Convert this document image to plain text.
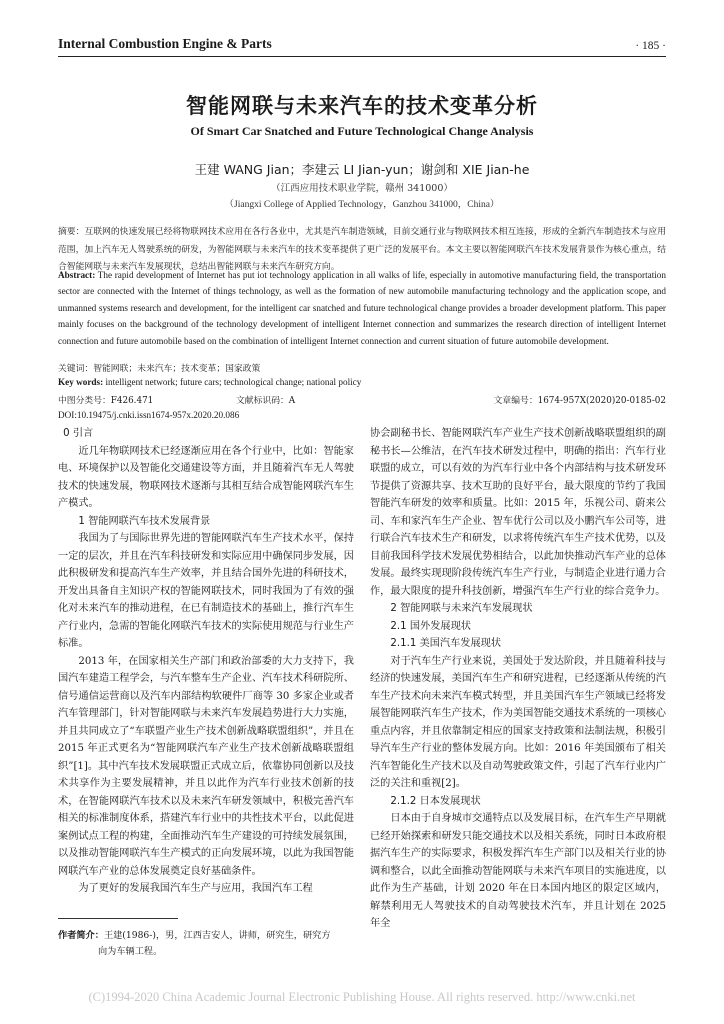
Internal Combustion Engine & Parts	· 185 ·
智能网联与未来汽车的技术变革分析
Of Smart Car Snatched and Future Technological Change Analysis
王建 WANG Jian；李建云 LI Jian-yun；谢剑和 XIE Jian-he
（江西应用技术职业学院，赣州 341000）
（Jiangxi College of Applied Technology，Ganzhou 341000，China）
摘要：互联网的快速发展已经将物联网技术应用在各行各业中，尤其是汽车制造领域，目前交通行业与物联网技术相互连接，形成的全新汽车制造技术与应用范围，加上汽车无人驾驶系统的研发，为智能网联与未来汽车的技术变革提供了更广泛的发展平台。本文主要以智能网联汽车技术发展背景作为核心重点，结合智能网联与未来汽车发展现状，总结出智能网联与未来汽车研究方向。
Abstract: The rapid development of Internet has put iot technology application in all walks of life, especially in automotive manufacturing field, the transportation sector are connected with the Internet of things technology, as well as the formation of new automobile manufacturing technology and the application scope, and unmanned systems research and development, for the intelligent car snatched and future technological change provides a broader development platform. This paper mainly focuses on the background of the technology development of intelligent Internet connection and summarizes the research direction of intelligent Internet connection and future automobile based on the combination of intelligent Internet connection and current situation of future automobile development.
关键词：智能网联；未来汽车；技术变革；国家政策
Key words: intelligent network; future cars; technological change; national policy
中图分类号：F426.471	文献标识码：A	文章编号：1674-957X(2020)20-0185-02
DOI:10.19475/j.cnki.issn1674-957x.2020.20.086
0 引言

近几年物联网技术已经逐渐应用在各个行业中，比如：智能家电、环境保护以及智能化交通建设等方面，并且随着汽车无人驾驶技术的快速发展，物联网技术逐渐与其相互结合成智能网联汽车生产模式。

1 智能网联汽车技术发展背景

我国为了与国际世界先进的智能网联汽车生产技术水平，保持一定的层次，并且在汽车科技研发和实际应用中确保同步发展，因此积极研发和提高汽车生产效率，并且结合国外先进的科研技术，开发出具备自主知识产权的智能网联技术，同时我国为了有效的强化对未来汽车的推动进程，在已有制造技术的基础上，推行汽车生产行业内，急需的智能化网联汽车技术的实际使用规范与行业生产标准。

2013 年，在国家相关生产部门和政治部委的大力支持下，我国汽车建造工程学会，与汽车整车生产企业、汽车技术科研院所、信号通信运营商以及汽车内部结构软硬件厂商等 30 多家企业或者汽车管理部门，针对智能网联与未来汽车发展趋势进行大力实施，并且共同成立了“车联盟产业生产技术创新战略联盟组织”，并且在 2015 年正式更名为“智能网联汽车产业生产技术创新战略联盟组织”[1]。其中汽车技术发展联盟正式成立后，依靠协同创新以及技术共享作为主要发展精神，并且以此作为汽车行业技术创新的技术，在智能网联汽车技术以及未来汽车研发领域中，积极完善汽车相关的标准制度体系，搭建汽车行业中的共性技术平台，以此促进案例试点工程的构建，全面推动汽车生产建设的可持续发展氛围，以及推动智能网联汽车生产模式的正向发展环境，以此为我国智能网联汽车产业的总体发展奠定良好基础条件。

为了更好的发展我国汽车生产与应用，我国汽车工程

协会副秘书长、智能网联汽车产业生产技术创新战略联盟组织的副秘书长—公维洁，在汽车技术研发过程中，明确的指出：汽车行业联盟的成立，可以有效的为汽车行业中各个内部结构与技术研发环节提供了资源共享、技术互助的良好平台，最大限度的节约了我国智能汽车研发的效率和质量。比如：2015 年，乐视公司、蔚来公司、车和家汽车生产企业、智车优行公司以及小鹏汽车公司等，进行联合汽车技术生产和研发，以求将传统汽车生产技术优势，以及目前我国科学技术发展优势相结合，以此加快推动汽车产业的总体发展。最终实现现阶段传统汽车生产行业，与制造企业进行通力合作，最大限度的提升科技创新，增强汽车生产行业的综合竞争力。

2 智能网联与未来汽车发展现状
2.1 国外发展现状
2.1.1 美国汽车发展现状

对于汽车生产行业来说，美国处于发达阶段，并且随着科技与经济的快速发展，美国汽车生产和研究进程，已经逐渐从传统的汽车生产技术向未来汽车模式转型，并且美国汽车生产领域已经将发展智能网联汽车生产技术，作为美国智能交通技术系统的一项核心重点内容，并且依靠制定相应的国家支持政策和法制法规，积极引导汽车生产行业的整体发展方向。比如：2016 年美国颁布了相关汽车智能化生产技术以及自动驾驶政策文件，引起了汽车行业内广泛的关注和重视[2]。

2.1.2 日本发展现状

日本由于自身城市交通特点以及发展目标，在汽车生产早期就已经开始探索和研发只能交通技术以及相关系统，同时日本政府根据汽车生产的实际要求，积极发挥汽车生产部门以及相关行业的协调和整合，以此全面推动智能网联与未来汽车项目的实施进度，以此作为生产基础，计划 2020 年在日本国内地区的限定区域内，解禁利用无人驾驶技术的自动驾驶技术汽车，并且计划在 2025 年全

作者简介：王建(1986-)，男，江西吉安人，讲师，研究生，研究方
向为车辆工程。
(C)1994-2020 China Academic Journal Electronic Publishing House. All rights reserved. http://www.cnki.net
